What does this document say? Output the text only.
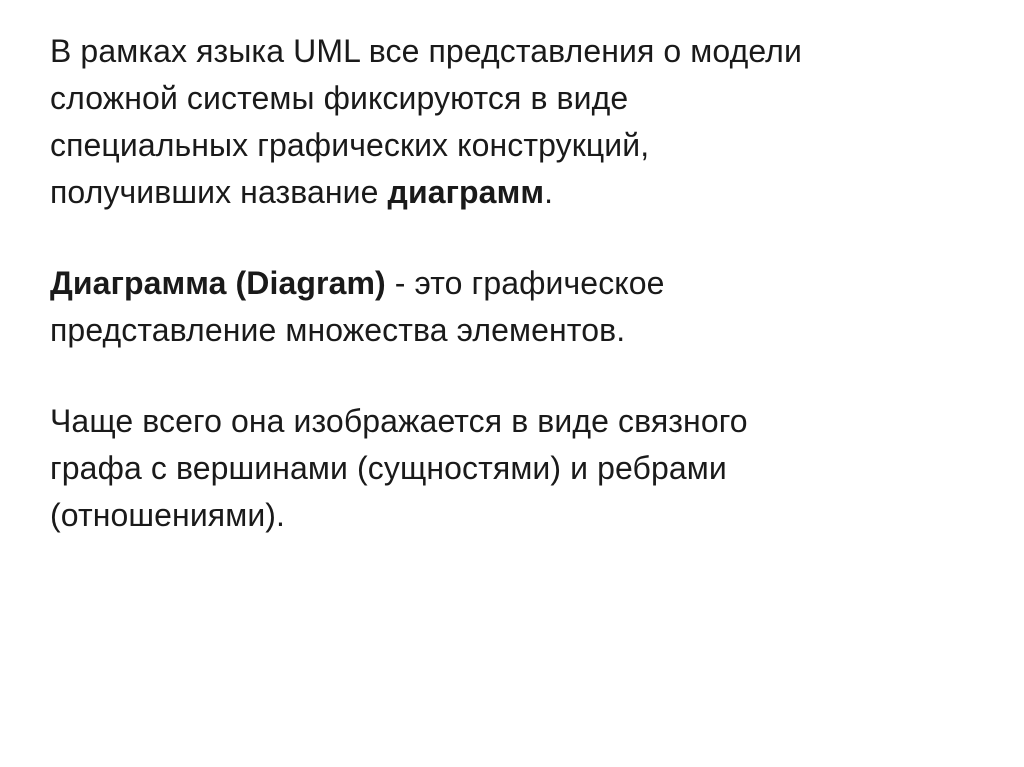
В рамках языка UML все представления о модели
сложной системы фиксируются в виде
специальных графических конструкций,
получивших название диаграмм.

Диаграмма (Diagram) - это графическое
представление множества элементов.

Чаще всего она изображается в виде связного
графа с вершинами (сущностями) и ребрами
(отношениями).
